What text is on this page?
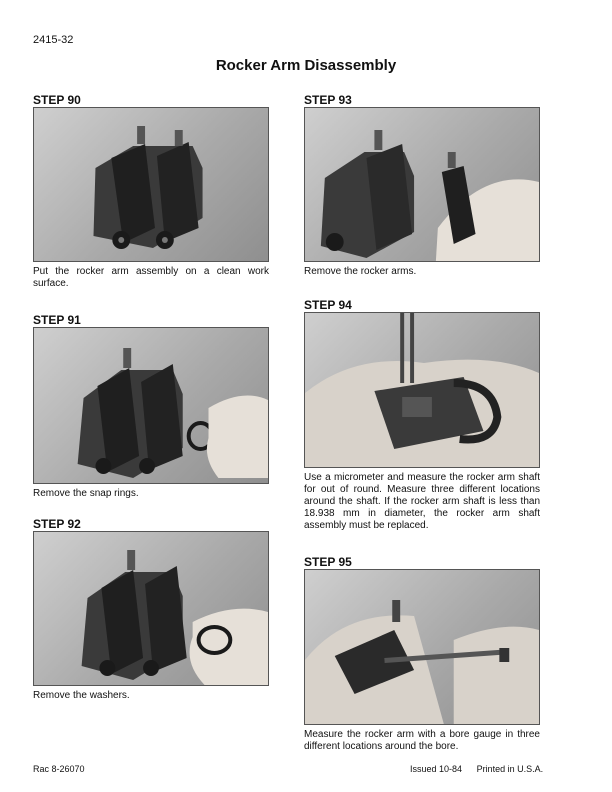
2415-32
Rocker Arm Disassembly
STEP 90
Put the rocker arm assembly on a clean work surface.
STEP 91
Remove the snap rings.
STEP 92
Remove the washers.
STEP 93
Remove the rocker arms.
STEP 94
Use a micrometer and measure the rocker arm shaft for out of round. Measure three different locations around the shaft. If the rocker arm shaft is less than 18.938 mm in diameter, the rocker arm shaft assembly must be replaced.
STEP 95
Measure the rocker arm with a bore gauge in three different locations around the bore.
Rac 8-26070	Issued 10-84 Printed in U.S.A.
